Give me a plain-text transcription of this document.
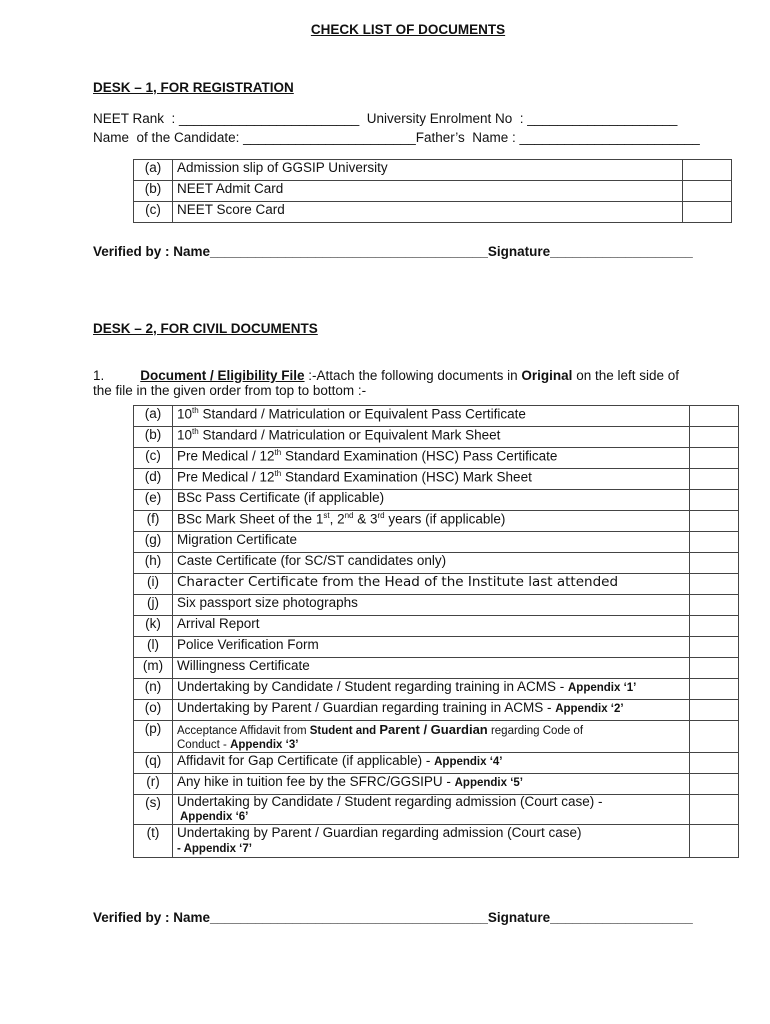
CHECK LIST OF DOCUMENTS
DESK – 1, FOR REGISTRATION
NEET Rank  : ________________________  University Enrolment No  : ____________________
Name  of the Candidate: _______________________Father’s  Name : ________________________
(a)	Admission slip of GGSIP University	
(b)	NEET Admit Card	
(c)	NEET Score Card	
Verified by : Name_____________________________________Signature___________________
DESK – 2, FOR CIVIL DOCUMENTS
1.	Document / Eligibility File :-Attach the following documents in Original on the left side of
the file in the given order from top to bottom :-
(a)	10th Standard / Matriculation or Equivalent Pass Certificate	
(b)	10th Standard / Matriculation or Equivalent Mark Sheet	
(c)	Pre Medical / 12th Standard Examination (HSC) Pass Certificate	
(d)	Pre Medical / 12th Standard Examination (HSC) Mark Sheet	
(e)	BSc Pass Certificate (if applicable)	
(f)	BSc Mark Sheet of the 1st, 2nd & 3rd years (if applicable)	
(g)	Migration Certificate	
(h)	Caste Certificate (for SC/ST candidates only)	
(i)	Character Certificate from the Head of the Institute last attended	
(j)	Six passport size photographs	
(k)	Arrival Report	
(l)	Police Verification Form	
(m)	Willingness Certificate	
(n)	Undertaking by Candidate / Student regarding training in ACMS - Appendix ‘1’	
(o)	Undertaking by Parent / Guardian regarding training in ACMS - Appendix ‘2’	
(p)	Acceptance Affidavit from Student and Parent / Guardian regarding Code of
Conduct - Appendix ‘3’	
(q)	Affidavit for Gap Certificate (if applicable) - Appendix ‘4’	
(r)	Any hike in tuition fee by the SFRC/GGSIPU - Appendix ‘5’	
(s)	Undertaking by Candidate / Student regarding admission (Court case) -
Appendix ‘6’	
(t)	Undertaking by Parent / Guardian regarding admission (Court case)
- Appendix ‘7’	
Verified by : Name_____________________________________Signature___________________
